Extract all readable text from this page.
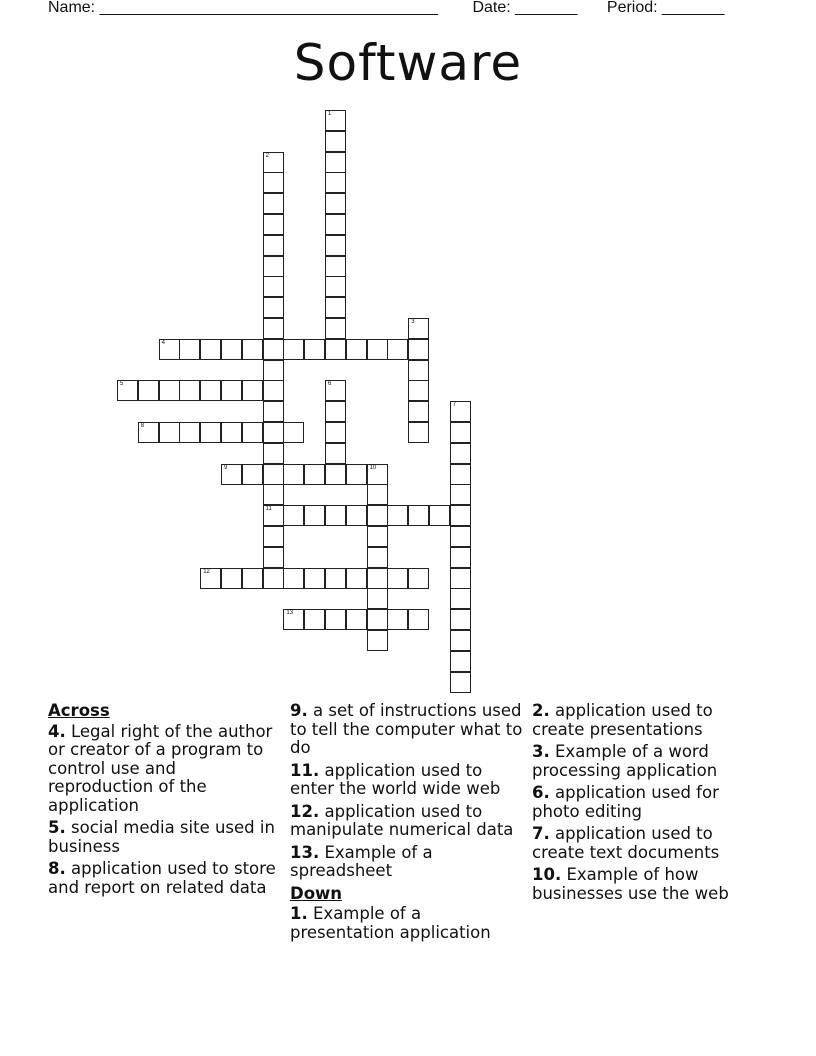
Name: ______________________________________ Date: _______ Period: _______
Software
1
2
11
3
4
5	6
7
8
9	10
12
13
Across
4. Legal right of the author or creator of a program to control use and reproduction of the application
5. social media site used in business
8. application used to store and report on related data
9. a set of instructions used to tell the computer what to do
11. application used to enter the world wide web
12. application used to manipulate numerical data
13. Example of a spreadsheet
Down
1. Example of a presentation application
2. application used to create presentations
3. Example of a word processing application
6. application used for photo editing
7. application used to create text documents
10. Example of how businesses use the web
